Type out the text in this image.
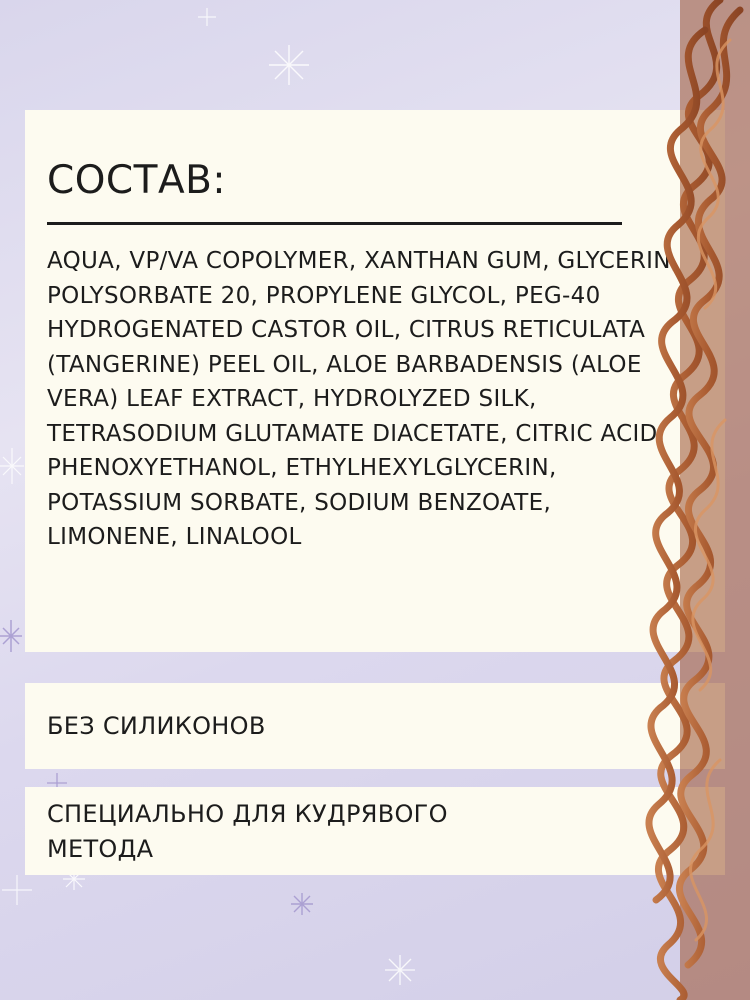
СОСТАВ:

AQUA, VP/VA COPOLYMER, XANTHAN GUM, GLYCERIN, POLYSORBATE 20, PROPYLENE GLYCOL, PEG-40 HYDROGENATED CASTOR OIL, CITRUS RETICULATA (TANGERINE) PEEL OIL, ALOE BARBADENSIS (ALOE VERA) LEAF EXTRACT, HYDROLYZED SILK, TETRASODIUM GLUTAMATE DIACETATE, CITRIC ACID, PHENOXYETHANOL, ETHYLHEXYLGLYCERIN, POTASSIUM SORBATE, SODIUM BENZOATE, LIMONENE, LINALOOL

БЕЗ СИЛИКОНОВ

СПЕЦИАЛЬНО ДЛЯ КУДРЯВОГО МЕТОДА
